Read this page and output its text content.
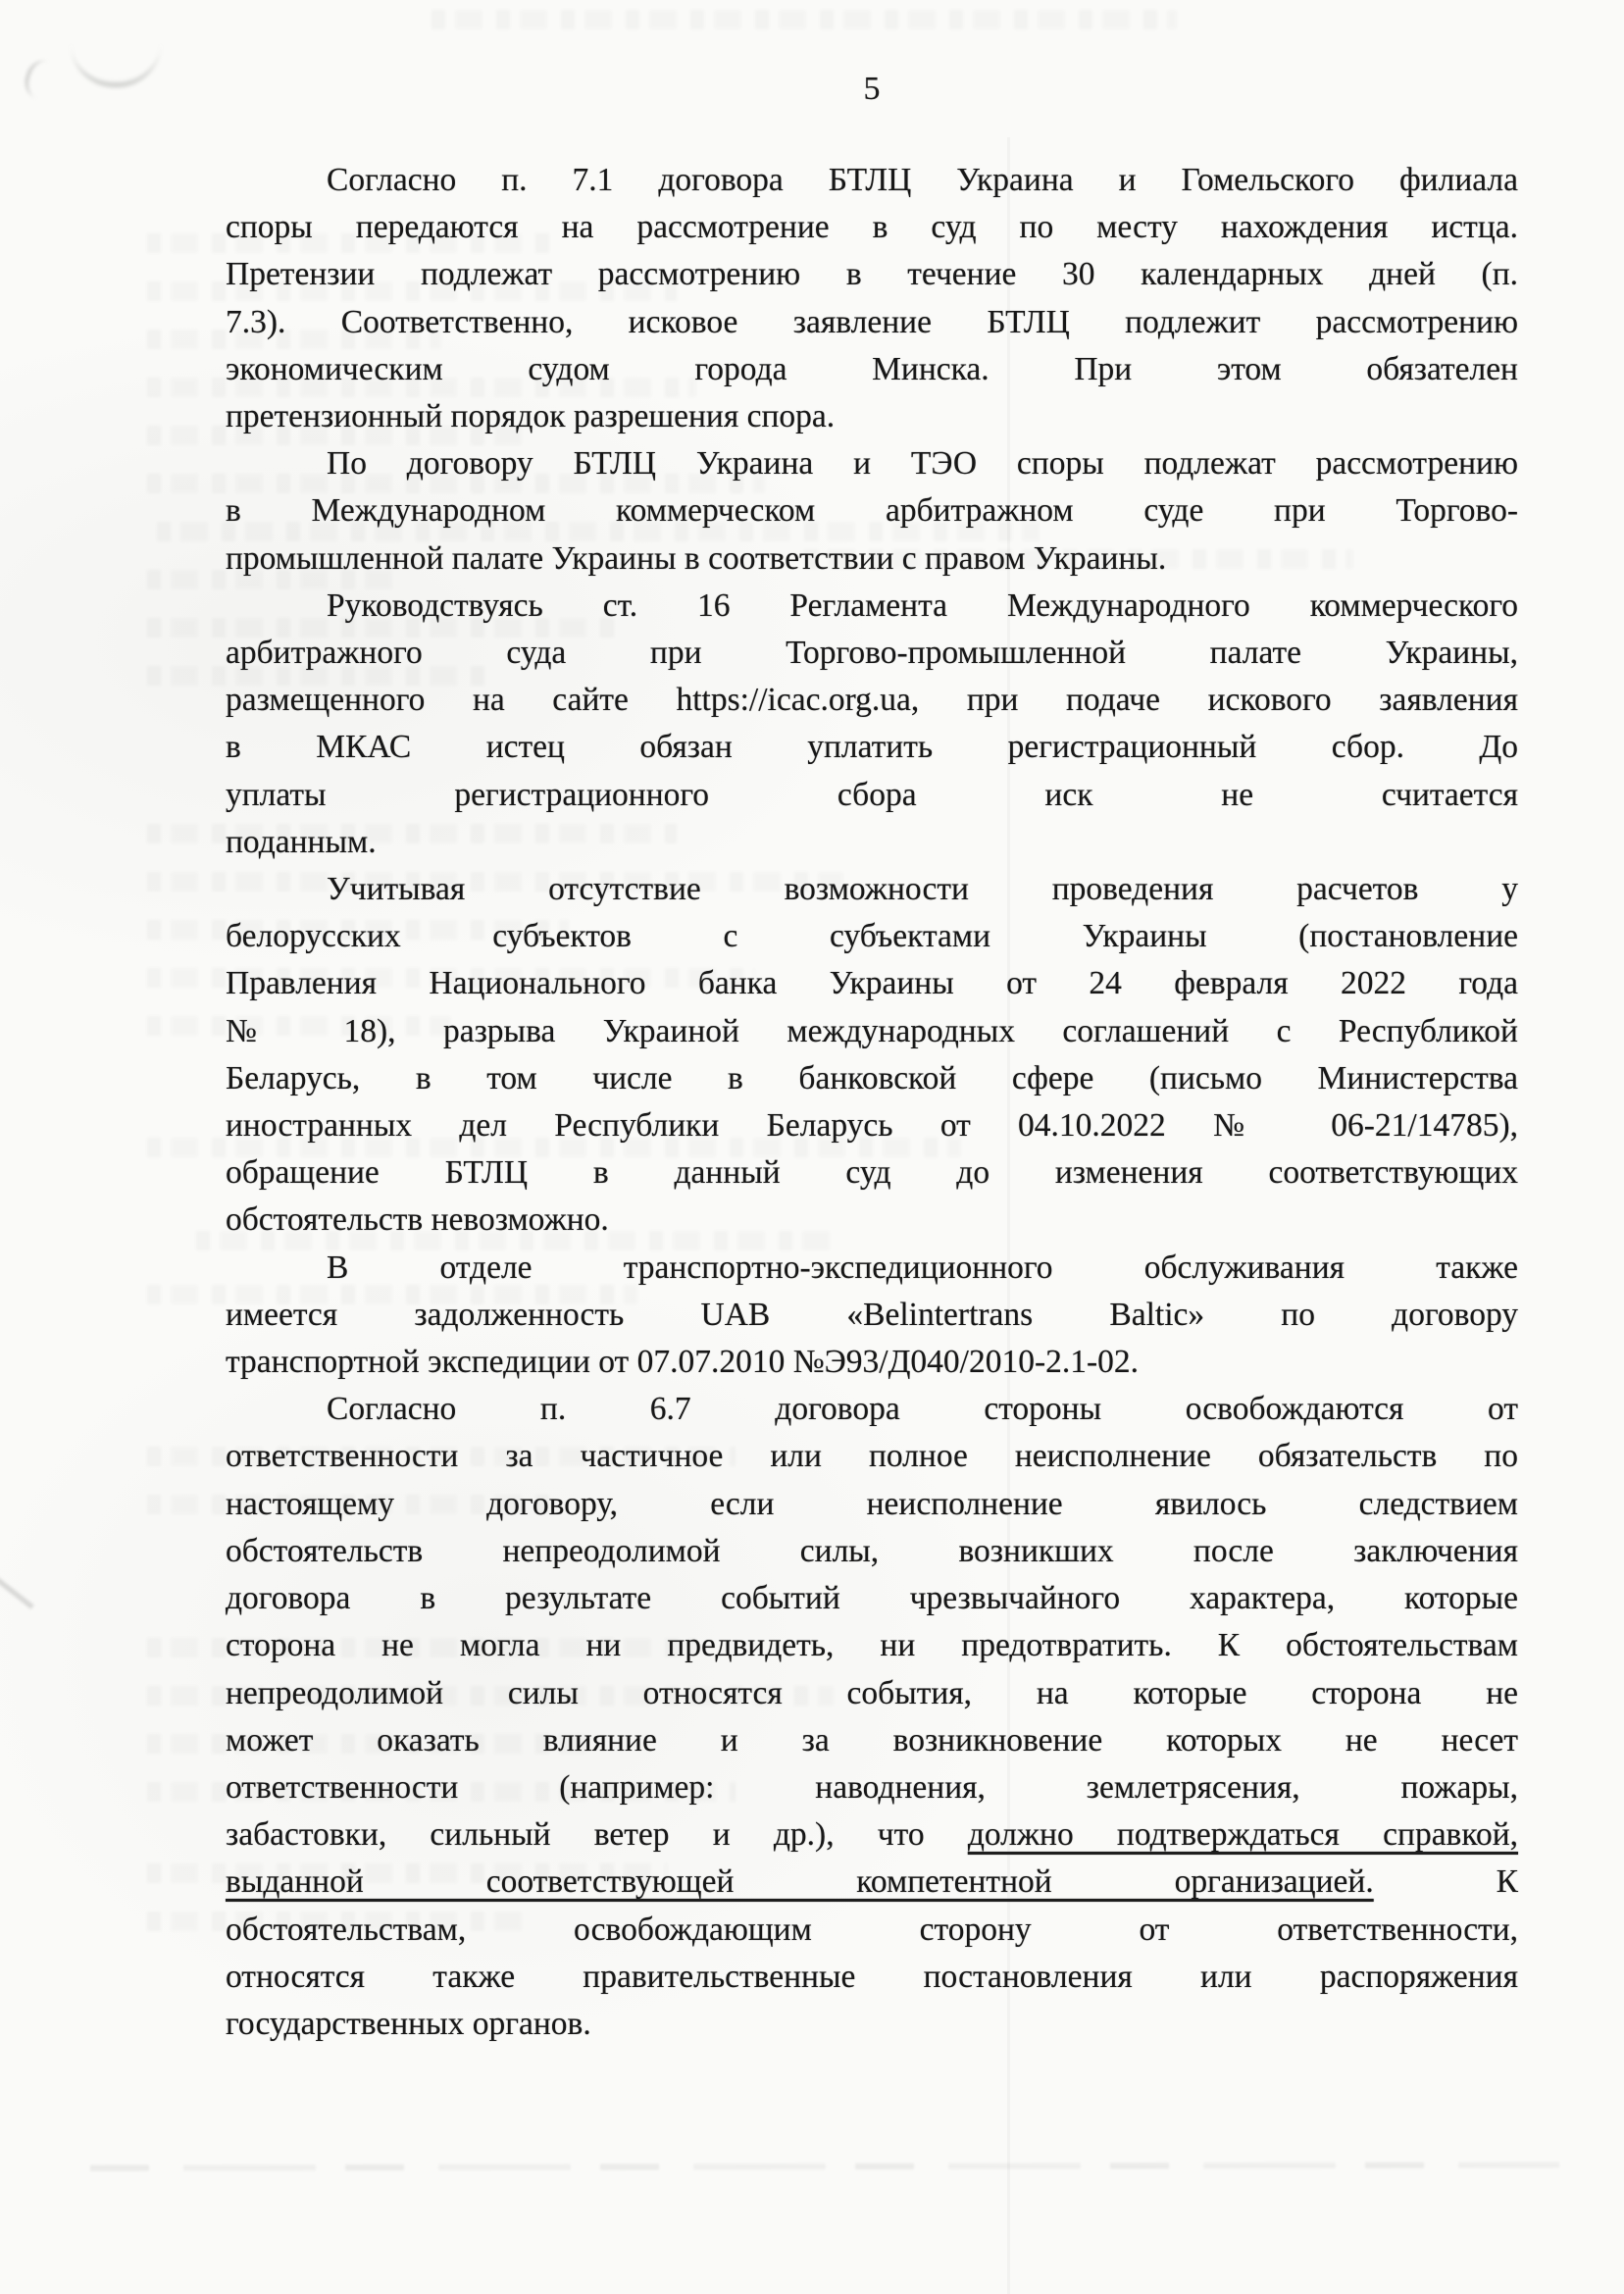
5
Согласно п. 7.1 договора БТЛЦ Украина и Гомельского филиала
споры передаются на рассмотрение в суд по месту нахождения истца.
Претензии подлежат рассмотрению в течение 30 календарных дней (п.
7.3). Соответственно, исковое заявление БТЛЦ подлежит рассмотрению
экономическим судом города Минска. При этом обязателен
претензионный порядок разрешения спора.
По договору БТЛЦ Украина и ТЭО споры подлежат рассмотрению
в Международном коммерческом арбитражном суде при Торгово-
промышленной палате Украины в соответствии с правом Украины.
Руководствуясь ст. 16 Регламента Международного коммерческого
арбитражного суда при Торгово-промышленной палате Украины,
размещенного на сайте https://icac.org.ua, при подаче искового заявления
в МКАС истец обязан уплатить регистрационный сбор. До
уплаты регистрационного сбора иск не считается
поданным.
Учитывая отсутствие возможности проведения расчетов у
белорусских субъектов с субъектами Украины (постановление
Правления Национального банка Украины от 24 февраля 2022 года
№ 18), разрыва Украиной международных соглашений с Республикой
Беларусь, в том числе в банковской сфере (письмо Министерства
иностранных дел Республики Беларусь от 04.10.2022 № 06-21/14785),
обращение БТЛЦ в данный суд до изменения соответствующих
обстоятельств невозможно.
В отделе транспортно-экспедиционного обслуживания также
имеется задолженность UAB «Belintertrans Baltic» по договору
транспортной экспедиции от 07.07.2010 №Э93/Д040/2010-2.1-02.
Согласно п. 6.7 договора стороны освобождаются от
ответственности за частичное или полное неисполнение обязательств по
настоящему договору, если неисполнение явилось следствием
обстоятельств непреодолимой силы, возникших после заключения
договора в результате событий чрезвычайного характера, которые
сторона не могла ни предвидеть, ни предотвратить. К обстоятельствам
непреодолимой силы относятся события, на которые сторона не
может оказать влияние и за возникновение которых не несет
ответственности (например: наводнения, землетрясения, пожары,
забастовки, сильный ветер и др.), что должно подтверждаться справкой,
выданной соответствующей компетентной организацией. К
обстоятельствам, освобождающим сторону от ответственности,
относятся также правительственные постановления или распоряжения
государственных органов.
